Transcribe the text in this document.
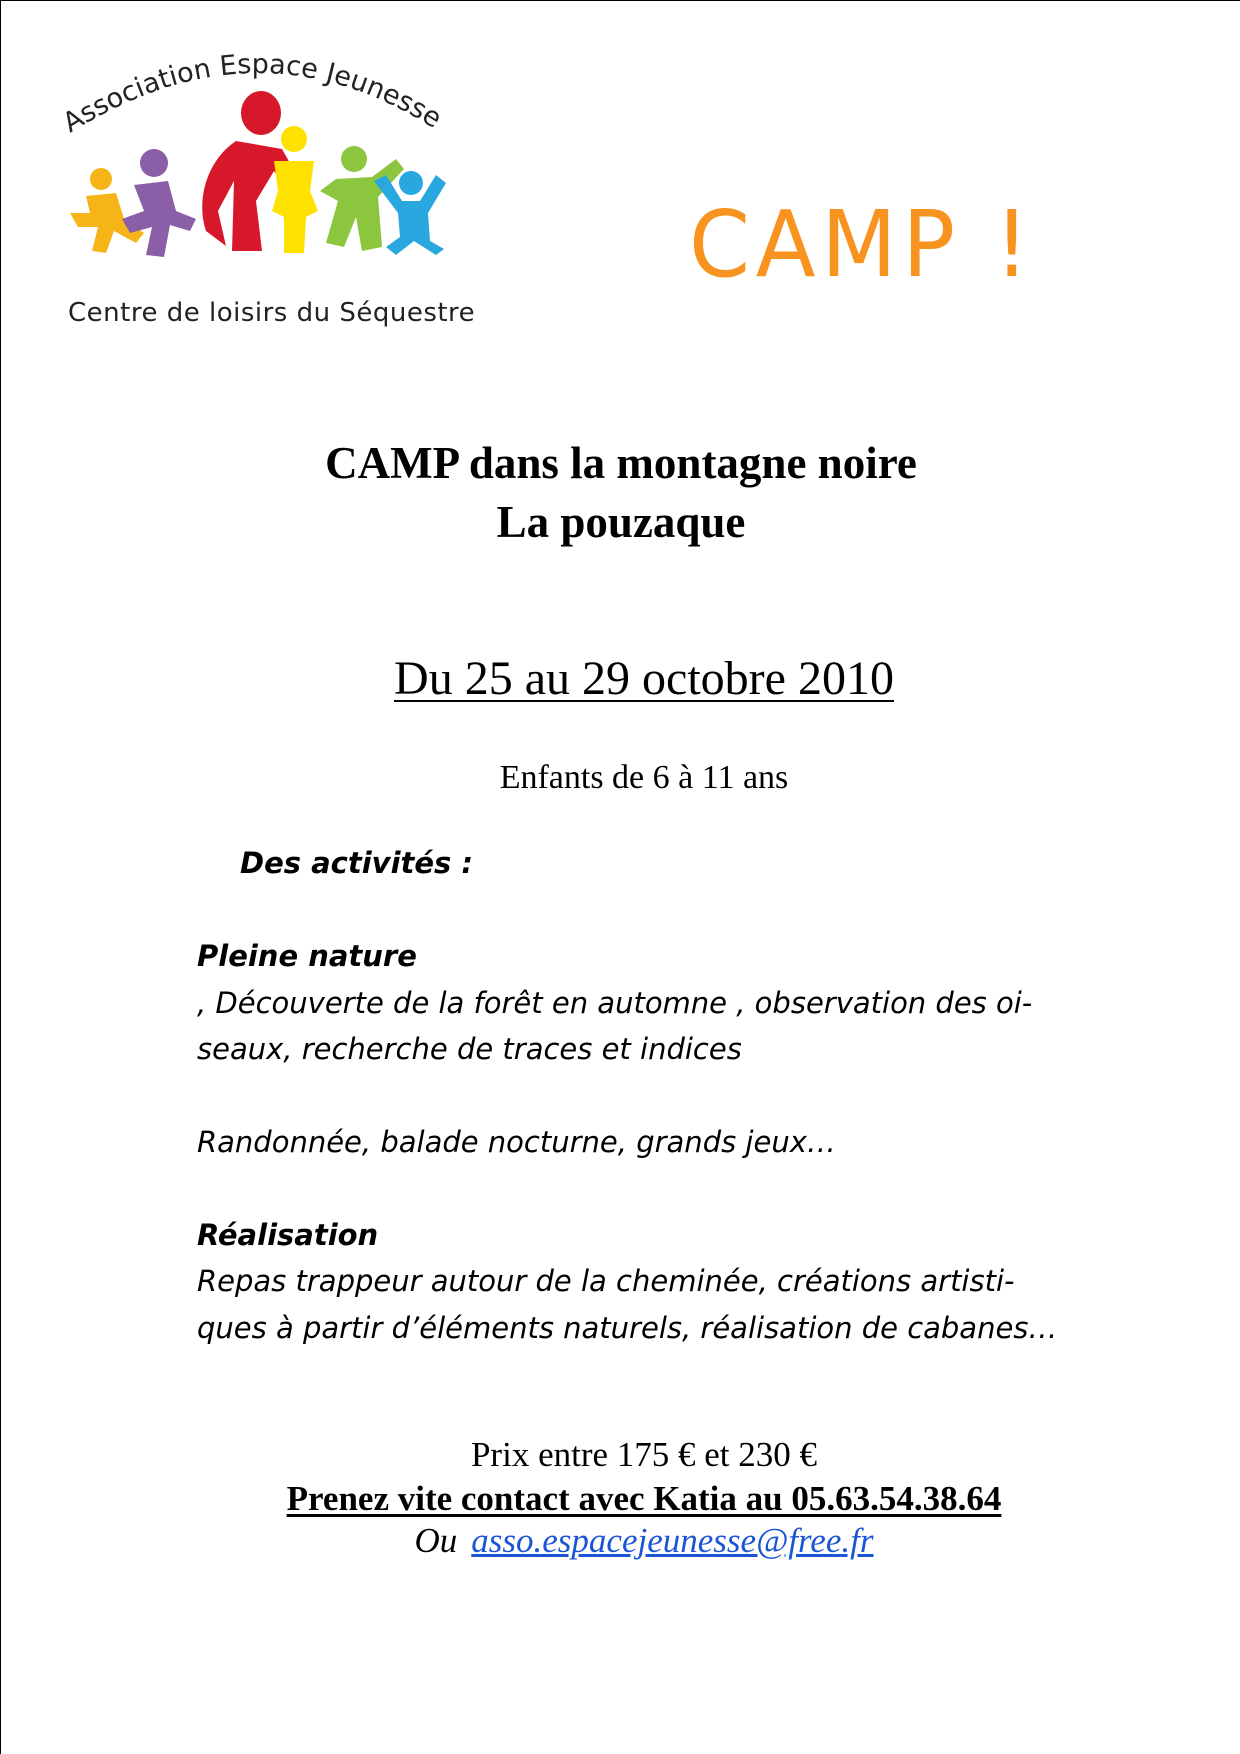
Association Espace Jeunesse
Centre de loisirs du Séquestre
CAMP !
CAMP dans la montagne noire
La pouzaque
Du 25 au 29 octobre 2010
Enfants de 6 à 11 ans
Des activités :
Pleine nature
, Découverte de la forêt en automne , observation des oi-
seaux, recherche de traces et indices
Randonnée, balade nocturne, grands jeux…
Réalisation
Repas trappeur autour de la cheminée, créations artisti-
ques à partir d’éléments naturels, réalisation de cabanes…
Prix entre 175 € et 230 €
Prenez vite contact avec Katia au 05.63.54.38.64
Ou asso.espacejeunesse@free.fr
